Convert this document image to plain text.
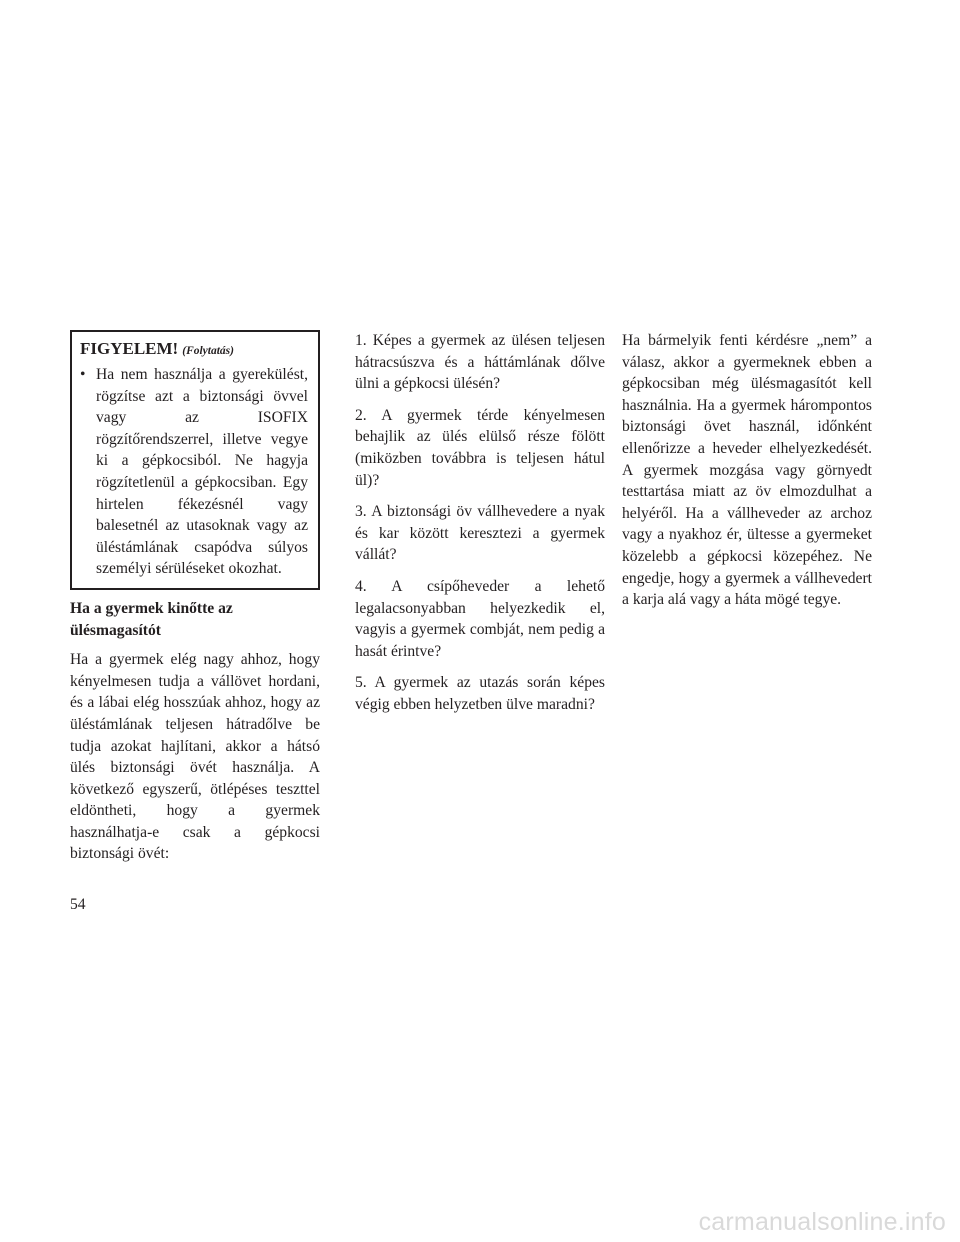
FIGYELEM! (Folytatás)
• Ha nem használja a gyerekülést, rögzítse azt a biztonsági övvel vagy az ISOFIX rögzítőrendszerrel, illetve vegye ki a gépkocsiból. Ne hagyja rögzítetlenül a gépkocsiban. Egy hirtelen fékezésnél vagy balesetnél az utasoknak vagy az üléstámlának csapódva súlyos személyi sérüléseket okozhat.
Ha a gyermek kinőtte az ülésmagasítót

Ha a gyermek elég nagy ahhoz, hogy kényelmesen tudja a vállövet hordani, és a lábai elég hosszúak ahhoz, hogy az üléstámlának teljesen hátradőlve be tudja azokat hajlítani, akkor a hátsó ülés biztonsági övét használja. A következő egyszerű, ötlépéses teszttel eldöntheti, hogy a gyermek használhatja-e csak a gépkocsi biztonsági övét:

1. Képes a gyermek az ülésen teljesen hátracsúszva és a háttámlának dőlve ülni a gépkocsi ülésén?

2. A gyermek térde kényelmesen behajlik az ülés elülső része fölött (miközben továbbra is teljesen hátul ül)?

3. A biztonsági öv vállhevedere a nyak és kar között keresztezi a gyermek vállát?

4. A csípőheveder a lehető legalacsonyabban helyezkedik el, vagyis a gyermek combját, nem pedig a hasát érintve?

5. A gyermek az utazás során képes végig ebben helyzetben ülve maradni?

Ha bármelyik fenti kérdésre „nem” a válasz, akkor a gyermeknek ebben a gépkocsiban még ülésmagasítót kell használnia. Ha a gyermek hárompontos biztonsági övet használ, időnként ellenőrizze a heveder elhelyezkedését. A gyermek mozgása vagy görnyedt testtartása miatt az öv elmozdulhat a helyéről. Ha a vállheveder az archoz vagy a nyakhoz ér, ültesse a gyermeket közelebb a gépkocsi közepéhez. Ne engedje, hogy a gyermek a vállhevedert a karja alá vagy a háta mögé tegye.

54
carmanualsonline.info
